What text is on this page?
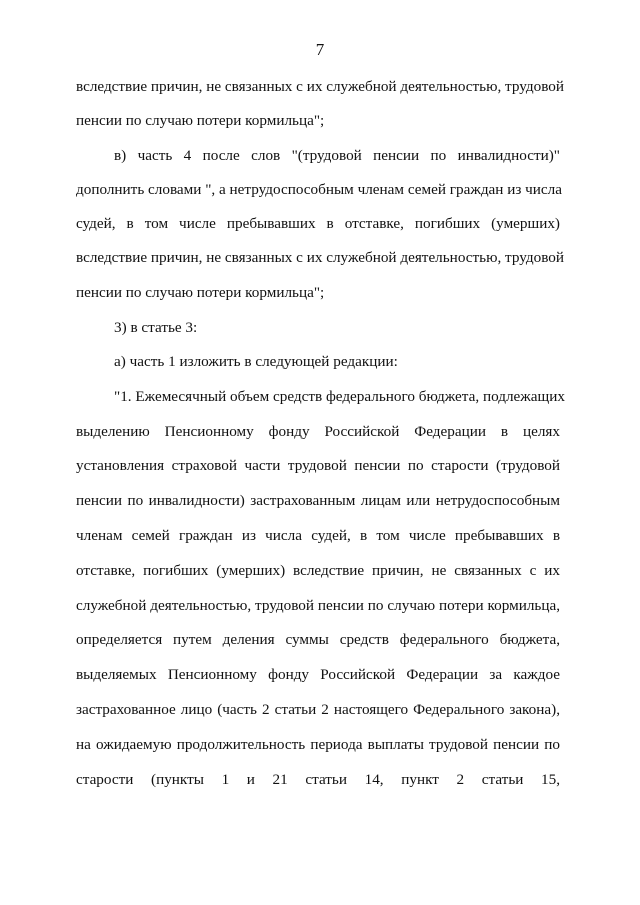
7
вследствие причин, не связанных с их служебной деятельностью, трудовой
пенсии по случаю потери кормильца";
в) часть 4 после слов "(трудовой пенсии по инвалидности)"
дополнить словами ", а нетрудоспособным членам семей граждан из числа
судей, в том числе пребывавших в отставке, погибших (умерших)
вследствие причин, не связанных с их служебной деятельностью, трудовой
пенсии по случаю потери кормильца";
3) в статье 3:
а) часть 1 изложить в следующей редакции:
"1. Ежемесячный объем средств федерального бюджета, подлежащих
выделению Пенсионному фонду Российской Федерации в целях
установления страховой части трудовой пенсии по старости (трудовой
пенсии по инвалидности) застрахованным лицам или нетрудоспособным
членам семей граждан из числа судей, в том числе пребывавших в
отставке, погибших (умерших) вследствие причин, не связанных с их
служебной деятельностью, трудовой пенсии по случаю потери кормильца,
определяется путем деления суммы средств федерального бюджета,
выделяемых Пенсионному фонду Российской Федерации за каждое
застрахованное лицо (часть 2 статьи 2 настоящего Федерального закона),
на ожидаемую продолжительность периода выплаты трудовой пенсии по
старости (пункты 1 и 21 статьи 14, пункт 2 статьи 15,
